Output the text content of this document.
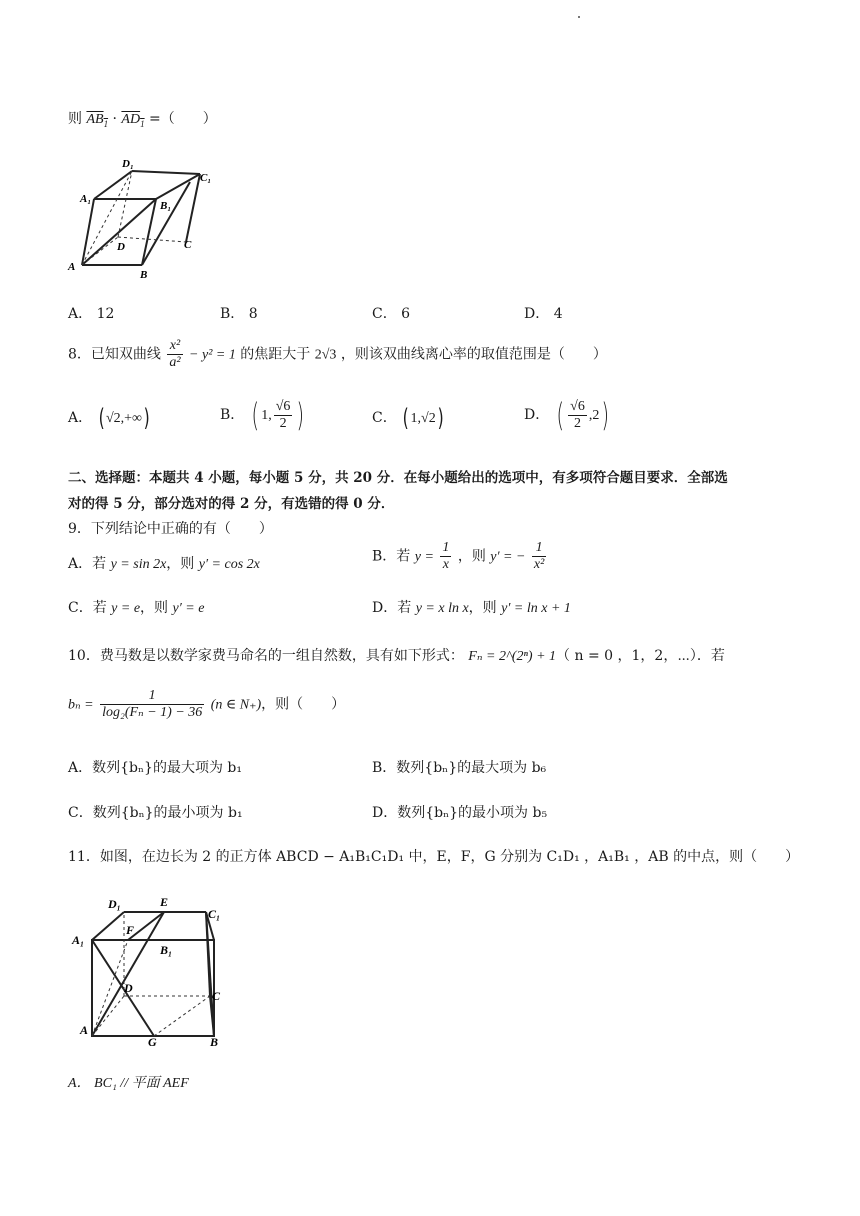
则 $AB_1 \cdot AD_1$ =（　　）
A
B
C
D
A₁
B₁
C₁
D₁
A． 12	B． 8	C． 6	D． 4
8．已知双曲线 $\frac{\text{x²}}{\text{a²}} - y^2 = 1$ 的焦距大于 2√3 ，则该双曲线离心率的取值范围是（　　）
A． ( √2,+∞)	B． ( 1, $\frac{√6}{2}$ )	C． ( 1,√2)	D． ( $\frac{√6}{2} ,2$)
二、选择题：本题共 4 小题，每小题 5 分，共 20 分．在每小题给出的选项中，有多项符合题目要求．全部选
对的得 5 分，部分选对的得 2 分，有选错的得 0 分．
9．下列结论中正确的有（　　）
A．若 y = sin 2x，则 y′ = cos 2x	B．若 $y = \frac{1}{x}$ ，则 y′ = − $\frac{1}{\text{x²}}$
C．若 y = e，则 y′ = e	D．若 y = x ln x，则 y′ = ln x + 1
10．费马数是以数学家费马命名的一组自然数，具有如下形式： Fₙ = 2^(2ⁿ) + 1（ n = 0 ，1，2，⋯）．若
$b_n = \frac{1}{\text{log₂(Fₙ − 1) − 36}} (n$ ∈ N₊)，则（　　）
A．数列{bₙ}的最大项为 b₁	B．数列{bₙ}的最大项为 b₆
C．数列{bₙ}的最小项为 b₁	D．数列{bₙ}的最小项为 b₅
11．如图，在边长为 2 的正方体 ABCD − A₁B₁C₁D₁ 中，E，F，G 分别为 C₁D₁ ，A₁B₁ ，AB 的中点，则（　　）
D₁	E
C₁
A₁
F
B₁
D
C
A
G	B
A． BC₁ // 平面 AEF
